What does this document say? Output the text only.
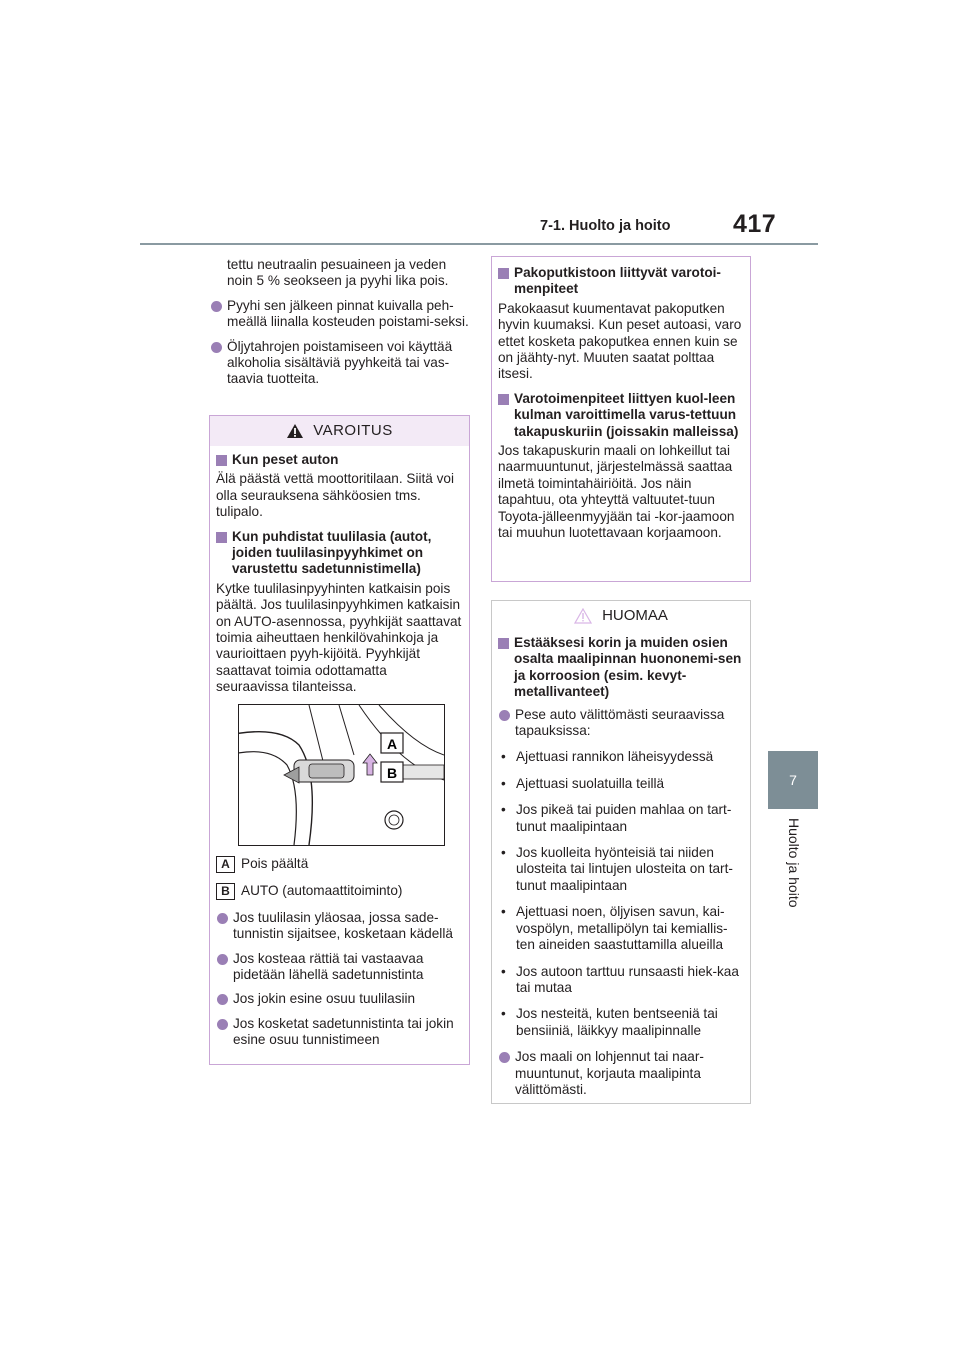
7-1. Huolto ja hoito	417
7
Huolto ja hoito
tettu neutraalin pesuaineen ja veden noin 5 % seokseen ja pyyhi lika pois.
Pyyhi sen jälkeen pinnat kuivalla peh-meällä liinalla kosteuden poistami-seksi.
Öljytahrojen poistamiseen voi käyttää alkoholia sisältäviä pyyhkeitä tai vas-taavia tuotteita.
VAROITUS
Kun peset auton
Älä päästä vettä moottoritilaan. Siitä voi olla seurauksena sähköosien tms. tulipalo.
Kun puhdistat tuulilasia (autot, joiden tuulilasinpyyhkimet on varustettu sadetunnistimella)
Kytke tuulilasinpyyhinten katkaisin pois päältä. Jos tuulilasinpyyhkimen katkaisin on AUTO-asennossa, pyyhkijät saattavat toimia aiheuttaen henkilövahinkoja ja vaurioittaen pyyh-kijöitä. Pyyhkijät saattavat toimia odottamatta seuraavissa tilanteissa.
A
B
A Pois päältä
B AUTO (automaattitoiminto)
Jos tuulilasin yläosaa, jossa sade-tunnistin sijaitsee, kosketaan kädellä
Jos kosteaa rättiä tai vastaavaa pidetään lähellä sadetunnistinta
Jos jokin esine osuu tuulilasiin
Jos kosketat sadetunnistinta tai jokin esine osuu tunnistimeen
Pakoputkistoon liittyvät varotoi-menpiteet
Pakokaasut kuumentavat pakoputken hyvin kuumaksi. Kun peset autoasi, varo ettet kosketa pakoputkea ennen kuin se on jäähty-nyt. Muuten saatat polttaa itsesi.
Varotoimenpiteet liittyen kuol-leen kulman varoittimella varus-tettuun takapuskuriin (joissakin malleissa)
Jos takapuskurin maali on lohkeillut tai naarmuuntunut, järjestelmässä saattaa ilmetä toimintahäiriöitä. Jos näin tapahtuu, ota yhteyttä valtuutet-tuun Toyota-jälleenmyyjään tai -kor-jaamoon tai muuhun luotettavaan korjaamoon.
HUOMAA
Estääksesi korin ja muiden osien osalta maalipinnan huononemi-sen ja korroosion (esim. kevyt-metallivanteet)
Pese auto välittömästi seuraavissa tapauksissa:
• Ajettuasi rannikon läheisyydessä
• Ajettuasi suolatuilla teillä
• Jos pikeä tai puiden mahlaa on tart-tunut maalipintaan
• Jos kuolleita hyönteisiä tai niiden ulosteita tai lintujen ulosteita on tart-tunut maalipintaan
• Ajettuasi noen, öljyisen savun, kai-vospölyn, metallipölyn tai kemiallis-ten aineiden saastuttamilla alueilla
• Jos autoon tarttuu runsaasti hiek-kaa tai mutaa
• Jos nesteitä, kuten bentseeniä tai bensiiniä, läikkyy maalipinnalle
Jos maali on lohjennut tai naar-muuntunut, korjauta maalipinta välittömästi.
